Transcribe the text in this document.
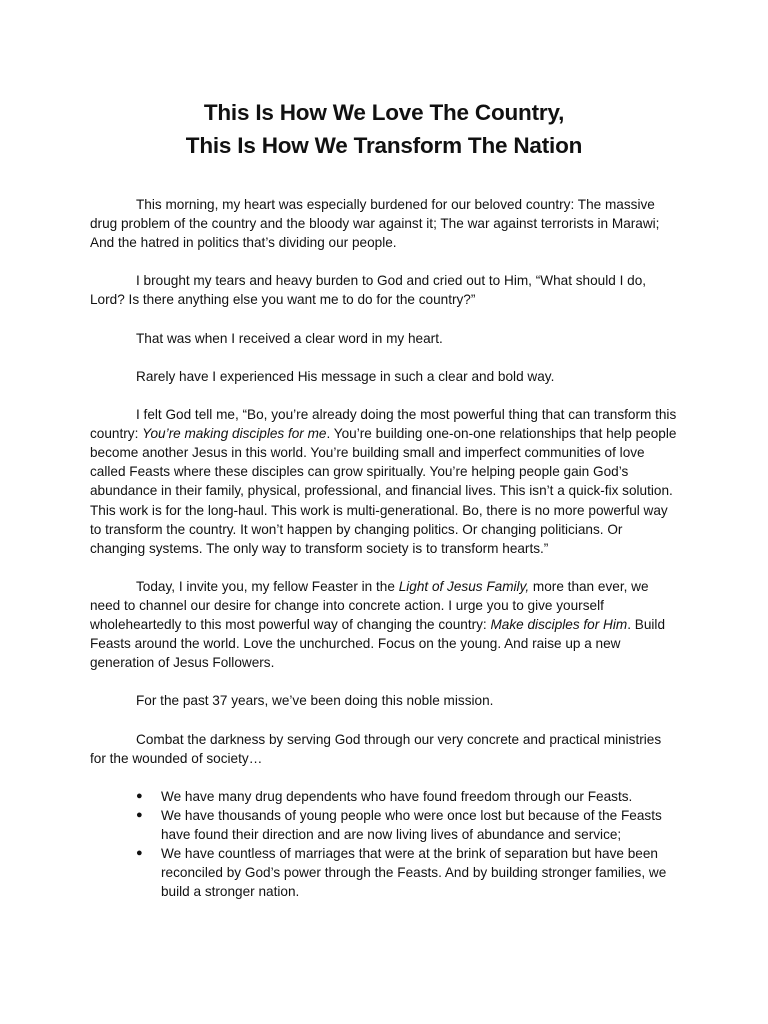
This Is How We Love The Country,
This Is How We Transform The Nation

This morning, my heart was especially burdened for our beloved country: The massive drug problem of the country and the bloody war against it; The war against terrorists in Marawi; And the hatred in politics that’s dividing our people.

I brought my tears and heavy burden to God and cried out to Him, “What should I do, Lord? Is there anything else you want me to do for the country?”

That was when I received a clear word in my heart.

Rarely have I experienced His message in such a clear and bold way.

I felt God tell me, “Bo, you’re already doing the most powerful thing that can transform this country: You’re making disciples for me. You’re building one-on-one relationships that help people become another Jesus in this world. You’re building small and imperfect communities of love called Feasts where these disciples can grow spiritually. You’re helping people gain God’s abundance in their family, physical, professional, and financial lives. This isn’t a quick-fix solution. This work is for the long-haul. This work is multi-generational. Bo, there is no more powerful way to transform the country. It won’t happen by changing politics. Or changing politicians. Or changing systems. The only way to transform society is to transform hearts.”

Today, I invite you, my fellow Feaster in the Light of Jesus Family, more than ever, we need to channel our desire for change into concrete action. I urge you to give yourself wholeheartedly to this most powerful way of changing the country: Make disciples for Him. Build Feasts around the world. Love the unchurched. Focus on the young. And raise up a new generation of Jesus Followers.

For the past 37 years, we’ve been doing this noble mission.

Combat the darkness by serving God through our very concrete and practical ministries for the wounded of society…

● We have many drug dependents who have found freedom through our Feasts.
● We have thousands of young people who were once lost but because of the Feasts have found their direction and are now living lives of abundance and service;
● We have countless of marriages that were at the brink of separation but have been reconciled by God’s power through the Feasts. And by building stronger families, we build a stronger nation.
